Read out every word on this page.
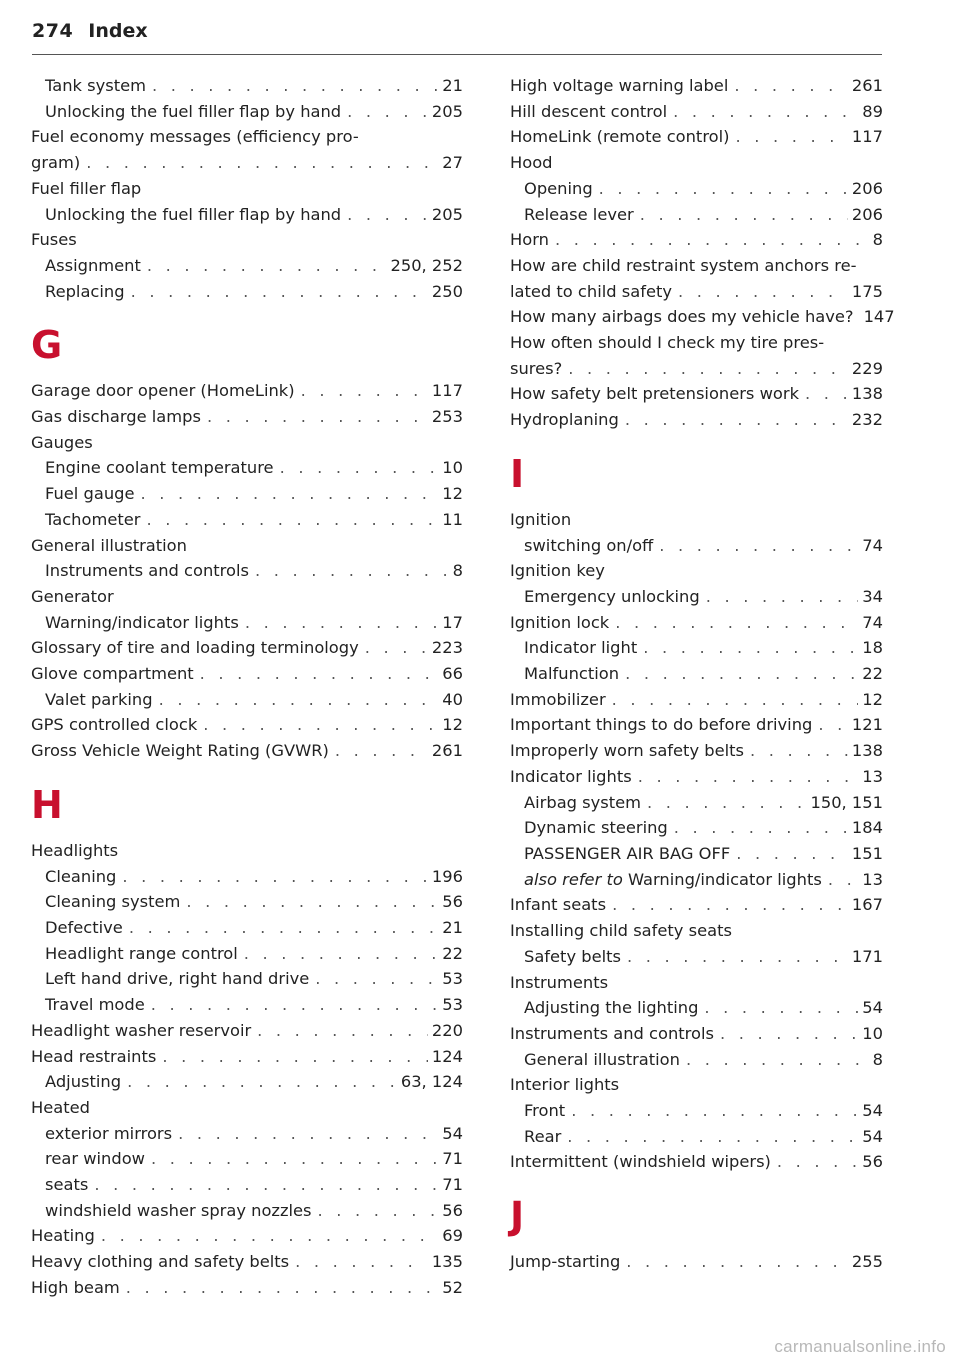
274 Index
Tank system . . .	21
Unlocking the fuel filler flap by hand . . .	205
Fuel economy messages (efficiency pro-
gram) . . .	27
Fuel filler flap
Unlocking the fuel filler flap by hand . . .	205
Fuses
Assignment . . .	250, 252
Replacing . . .	250
G
Garage door opener (HomeLink) . . .	117
Gas discharge lamps . . .	253
Gauges
Engine coolant temperature . . .	10
Fuel gauge . . .	12
Tachometer . . .	11
General illustration
Instruments and controls . . .	8
Generator
Warning/indicator lights . . .	17
Glossary of tire and loading terminology . . .	223
Glove compartment . . .	66
Valet parking . . .	40
GPS controlled clock . . .	12
Gross Vehicle Weight Rating (GVWR) . . .	261
H
Headlights
Cleaning . . .	196
Cleaning system . . .	56
Defective . . .	21
Headlight range control . . .	22
Left hand drive, right hand drive . . .	53
Travel mode . . .	53
Headlight washer reservoir . . .	220
Head restraints . . .	124
Adjusting . . .	63, 124
Heated
exterior mirrors . . .	54
rear window . . .	71
seats . . .	71
windshield washer spray nozzles . . .	56
Heating . . .	69
Heavy clothing and safety belts . . .	135
High beam . . .	52
High voltage warning label . . .	261
Hill descent control . . .	89
HomeLink (remote control) . . .	117
Hood
Opening . . .	206
Release lever . . .	206
Horn . . .	8
How are child restraint system anchors re-
lated to child safety . . .	175
How many airbags does my vehicle have? 147
How often should I check my tire pres-
sures? . . .	229
How safety belt pretensioners work . . .	138
Hydroplaning . . .	232
I
Ignition
switching on/off . . .	74
Ignition key
Emergency unlocking . . .	34
Ignition lock . . .	74
Indicator light . . .	18
Malfunction . . .	22
Immobilizer . . .	12
Important things to do before driving . . . 121
Improperly worn safety belts . . .	138
Indicator lights . . .	13
Airbag system . . .	150, 151
Dynamic steering . . .	184
PASSENGER AIR BAG OFF . . .	151
also refer to Warning/indicator lights . . . 13
Infant seats . . .	167
Installing child safety seats
Safety belts . . .	171
Instruments
Adjusting the lighting . . .	54
Instruments and controls . . .	10
General illustration . . .	8
Interior lights
Front . . .	54
Rear . . .	54
Intermittent (windshield wipers) . . .	56
J
Jump-starting . . .	255
carmanualsonline.info
